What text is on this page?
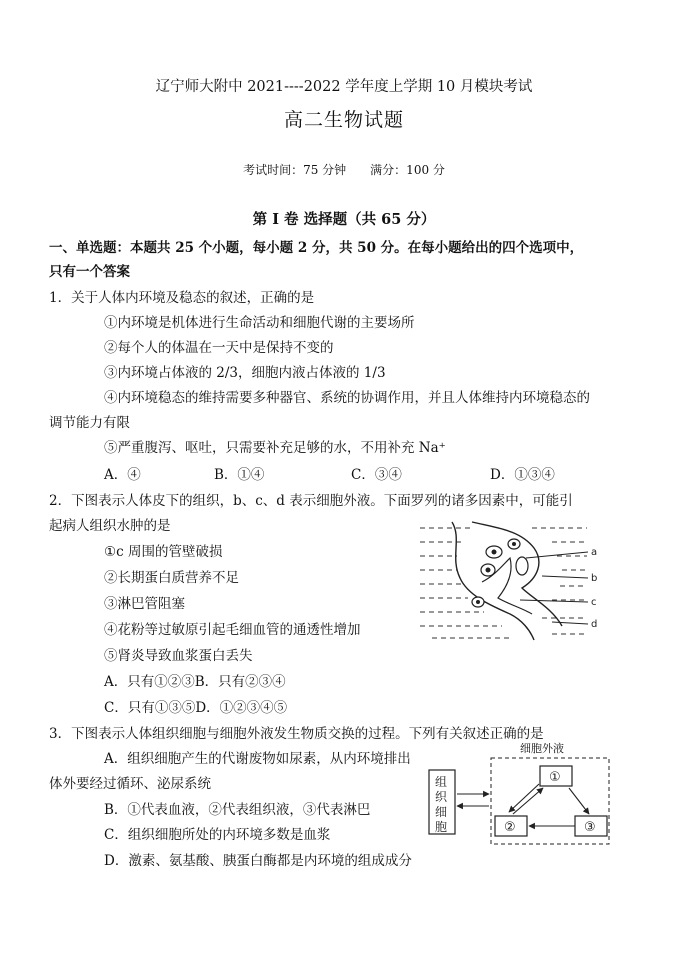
辽宁师大附中 2021----2022 学年度上学期 10 月模块考试
高二生物试题
考试时间：75 分钟　　满分：100 分
第 Ⅰ 卷 选择题（共 65 分）
一、单选题：本题共 25 个小题，每小题 2 分，共 50 分。在每小题给出的四个选项中，
只有一个答案
1．关于人体内环境及稳态的叙述，正确的是
①内环境是机体进行生命活动和细胞代谢的主要场所
②每个人的体温在一天中是保持不变的
③内环境占体液的 2/3，细胞内液占体液的 1/3
④内环境稳态的维持需要多种器官、系统的协调作用，并且人体维持内环境稳态的
调节能力有限
⑤严重腹泻、呕吐，只需要补充足够的水，不用补充 Na⁺
A．④	B．①④	C．③④	D．①③④
2．下图表示人体皮下的组织，b、c、d 表示细胞外液。下面罗列的诸多因素中，可能引
起病人组织水肿的是
①c 周围的管壁破损
②长期蛋白质营养不足
③淋巴管阻塞
④花粉等过敏原引起毛细血管的通透性增加
⑤肾炎导致血浆蛋白丢失
A．只有①②③B．只有②③④
C．只有①③⑤D．①②③④⑤
a
b
c
d
3．下图表示人体组织细胞与细胞外液发生物质交换的过程。下列有关叙述正确的是
A．组织细胞产生的代谢废物如尿素，从内环境排出
体外要经过循环、泌尿系统
B．①代表血液，②代表组织液，③代表淋巴
C．组织细胞所处的内环境多数是血浆
D．激素、氨基酸、胰蛋白酶都是内环境的组成成分
细胞外液
组
织
细
胞
①
②	③
